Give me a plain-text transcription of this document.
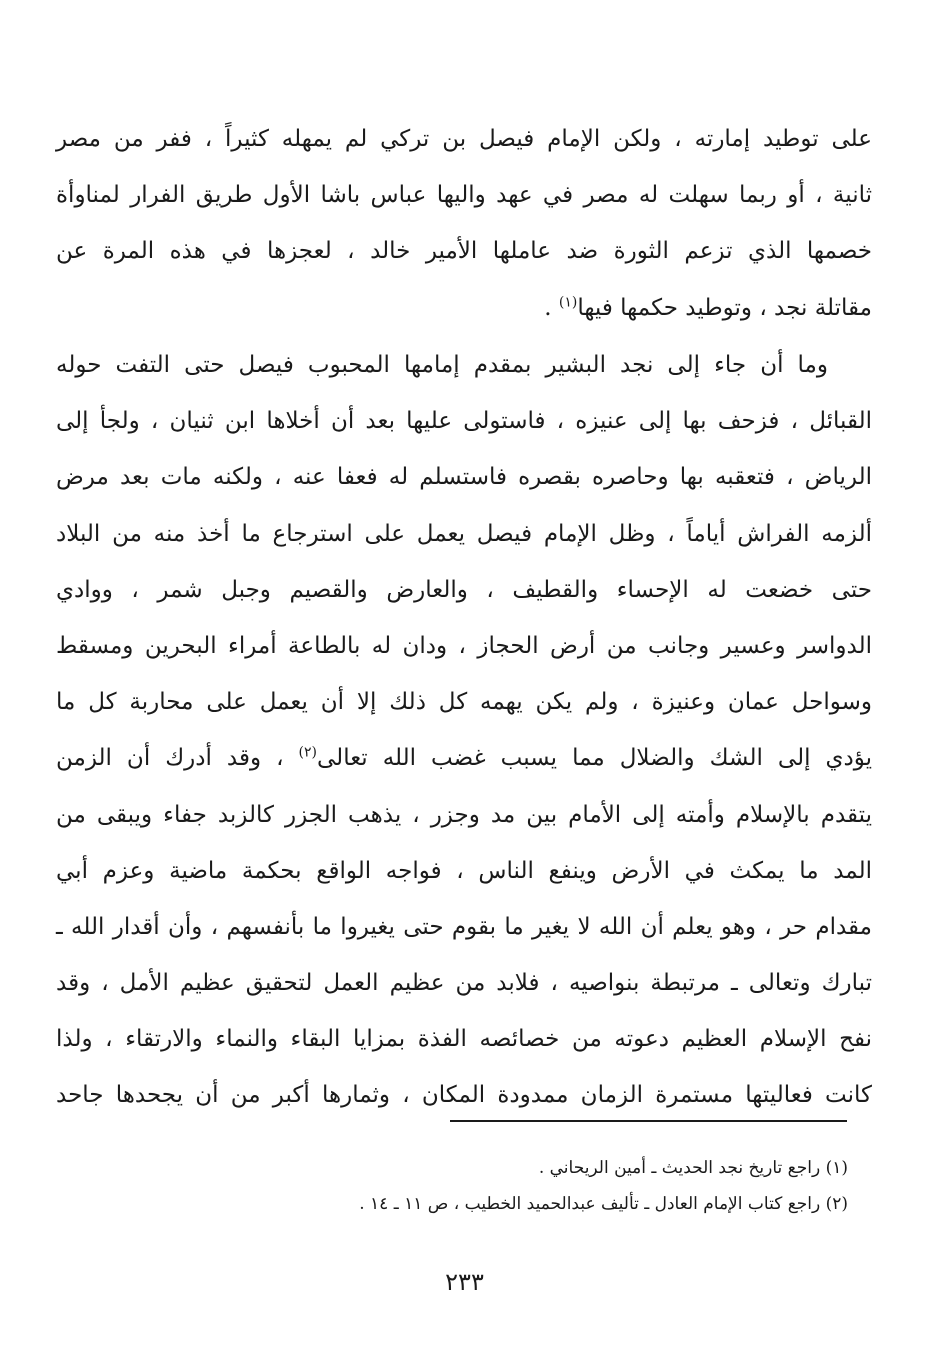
على توطيد إمارته ، ولكن الإمام فيصل بن تركي لم يمهله كثيراً ، ففر من مصر
ثانية ، أو ربما سهلت له مصر في عهد واليها عباس باشا الأول طريق الفرار لمناوأة
خصمها الذي تزعم الثورة ضد عاملها الأمير خالد ، لعجزها في هذه المرة عن
مقاتلة نجد ، وتوطيد حكمها فيها$^{(١)}$ .
وما أن جاء إلى نجد البشير بمقدم إمامها المحبوب فيصل حتى التفت حوله
القبائل ، فزحف بها إلى عنيزه ، فاستولى عليها بعد أن أخلاها ابن ثنيان ، ولجأ إلى
الرياض ، فتعقبه بها وحاصره بقصره فاستسلم له فعفا عنه ، ولكنه مات بعد مرض
ألزمه الفراش أياماً ، وظل الإمام فيصل يعمل على استرجاع ما أخذ منه من البلاد
حتى خضعت له الإحساء والقطيف ، والعارض والقصيم وجبل شمر ، ووادي
الدواسر وعسير وجانب من أرض الحجاز ، ودان له بالطاعة أمراء البحرين ومسقط
وسواحل عمان وعنيزة ، ولم يكن يهمه كل ذلك إلا أن يعمل على محاربة كل ما
يؤدي إلى الشك والضلال مما يسبب غضب الله تعالى$^{(٢)}$ ، وقد أدرك أن الزمن
يتقدم بالإسلام وأمته إلى الأمام بين مد وجزر ، يذهب الجزر كالزبد جفاء ويبقى من
المد ما يمكث في الأرض وينفع الناس ، فواجه الواقع بحكمة ماضية وعزم أبي
مقدام حر ، وهو يعلم أن الله لا يغير ما بقوم حتى يغيروا ما بأنفسهم ، وأن أقدار الله ـ
تبارك وتعالى ـ مرتبطة بنواصيه ، فلابد من عظيم العمل لتحقيق عظيم الأمل ، وقد
نفح الإسلام العظيم دعوته من خصائصه الفذة بمزايا البقاء والنماء والارتقاء ، ولذا
كانت فعاليتها مستمرة الزمان ممدودة المكان ، وثمارها أكبر من أن يجحدها جاحد
(١) راجع تاريخ نجد الحديث ـ أمين الريحاني .
(٢) راجع كتاب الإمام العادل ـ تأليف عبدالحميد الخطيب ، ص ١١ ـ ١٤ .
٢٣٣
